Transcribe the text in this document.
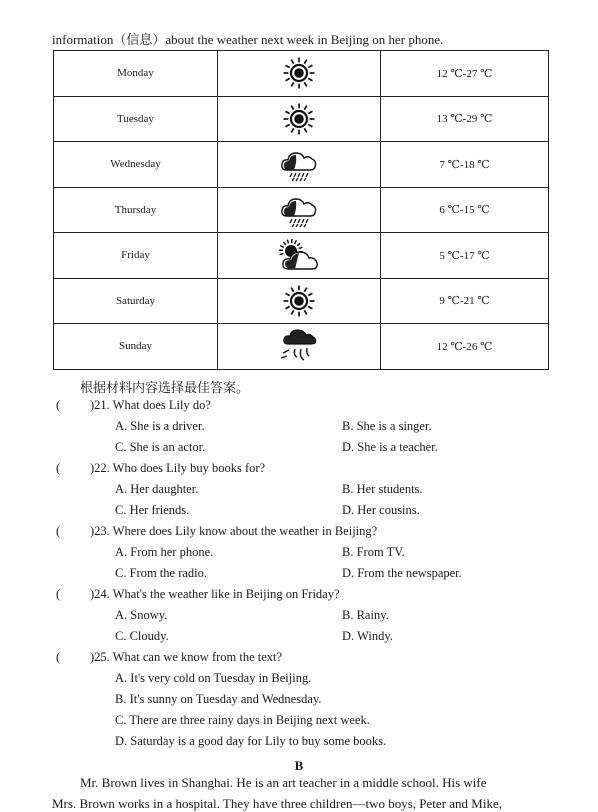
information（信息）about the weather next week in Beijing on her phone.
Monday		12 ℃-27 ℃
Tuesday		13 ℃-29 ℃
Wednesday		7 ℃-18 ℃
Thursday		6 ℃-15 ℃
Friday		5 ℃-17 ℃
Saturday		9 ℃-21 ℃
Sunday		12 ℃-26 ℃
根据材料内容选择最佳答案。
( )21. What does Lily do?
A. She is a driver.	B. She is a singer.
C. She is an actor.	D. She is a teacher.
( )22. Who does Lily buy books for?
A. Her daughter.	B. Her students.
C. Her friends.	D. Her cousins.
( )23. Where does Lily know about the weather in Beijing?
A. From her phone.	B. From TV.
C. From the radio.	D. From the newspaper.
( )24. What's the weather like in Beijing on Friday?
A. Snowy.	B. Rainy.
C. Cloudy.	D. Windy.
( )25. What can we know from the text?
A. It's very cold on Tuesday in Beijing.
B. It's sunny on Tuesday and Wednesday.
C. There are three rainy days in Beijing next week.
D. Saturday is a good day for Lily to buy some books.
B
Mr. Brown lives in Shanghai. He is an art teacher in a middle school. His wife
Mrs. Brown works in a hospital. They have three children—two boys, Peter and Mike,
